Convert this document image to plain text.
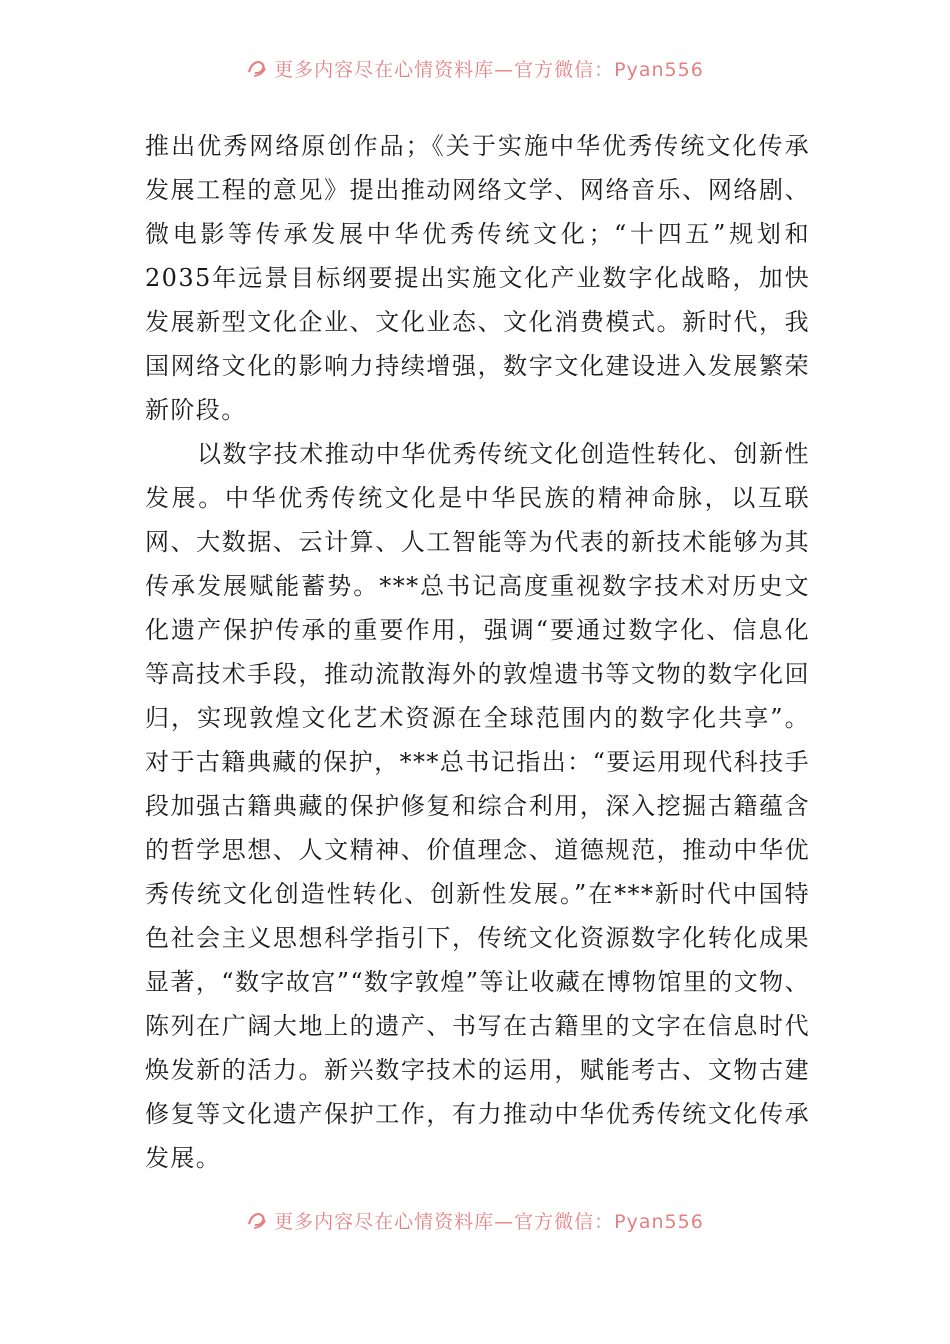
更多内容尽在心情资料库—官方微信：Pyan556

推出优秀网络原创作品；《关于实施中华优秀传统文化传承发展工程的意见》提出推动网络文学、网络音乐、网络剧、微电影等传承发展中华优秀传统文化；“十四五”规划和2035年远景目标纲要提出实施文化产业数字化战略，加快发展新型文化企业、文化业态、文化消费模式。新时代，我国网络文化的影响力持续增强，数字文化建设进入发展繁荣新阶段。

以数字技术推动中华优秀传统文化创造性转化、创新性发展。中华优秀传统文化是中华民族的精神命脉，以互联网、大数据、云计算、人工智能等为代表的新技术能够为其传承发展赋能蓄势。***总书记高度重视数字技术对历史文化遗产保护传承的重要作用，强调“要通过数字化、信息化等高技术手段，推动流散海外的敦煌遗书等文物的数字化回归，实现敦煌文化艺术资源在全球范围内的数字化共享”。对于古籍典藏的保护，***总书记指出：“要运用现代科技手段加强古籍典藏的保护修复和综合利用，深入挖掘古籍蕴含的哲学思想、人文精神、价值理念、道德规范，推动中华优秀传统文化创造性转化、创新性发展。”在***新时代中国特色社会主义思想科学指引下，传统文化资源数字化转化成果显著，“数字故宫”“数字敦煌”等让收藏在博物馆里的文物、陈列在广阔大地上的遗产、书写在古籍里的文字在信息时代焕发新的活力。新兴数字技术的运用，赋能考古、文物古建修复等文化遗产保护工作，有力推动中华优秀传统文化传承发展。

更多内容尽在心情资料库—官方微信：Pyan556
